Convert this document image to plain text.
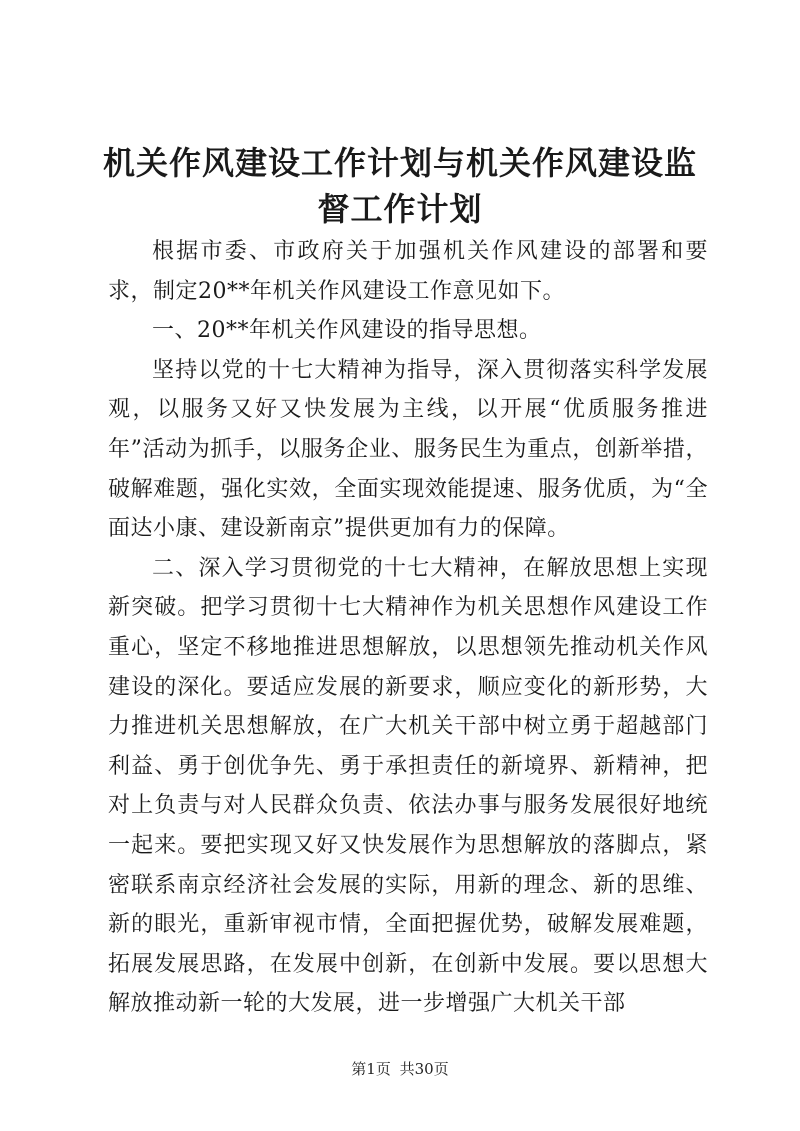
机关作风建设工作计划与机关作风建设监督工作计划

根据市委、市政府关于加强机关作风建设的部署和要求，制定20**年机关作风建设工作意见如下。

一、20**年机关作风建设的指导思想。

坚持以党的十七大精神为指导，深入贯彻落实科学发展观，以服务又好又快发展为主线，以开展“优质服务推进年”活动为抓手，以服务企业、服务民生为重点，创新举措，破解难题，强化实效，全面实现效能提速、服务优质，为“全面达小康、建设新南京”提供更加有力的保障。

二、深入学习贯彻党的十七大精神，在解放思想上实现新突破。把学习贯彻十七大精神作为机关思想作风建设工作重心，坚定不移地推进思想解放，以思想领先推动机关作风建设的深化。要适应发展的新要求，顺应变化的新形势，大力推进机关思想解放，在广大机关干部中树立勇于超越部门利益、勇于创优争先、勇于承担责任的新境界、新精神，把对上负责与对人民群众负责、依法办事与服务发展很好地统一起来。要把实现又好又快发展作为思想解放的落脚点，紧密联系南京经济社会发展的实际，用新的理念、新的思维、新的眼光，重新审视市情，全面把握优势，破解发展难题，拓展发展思路，在发展中创新，在创新中发展。要以思想大解放推动新一轮的大发展，进一步增强广大机关干部

第1页 共30页
